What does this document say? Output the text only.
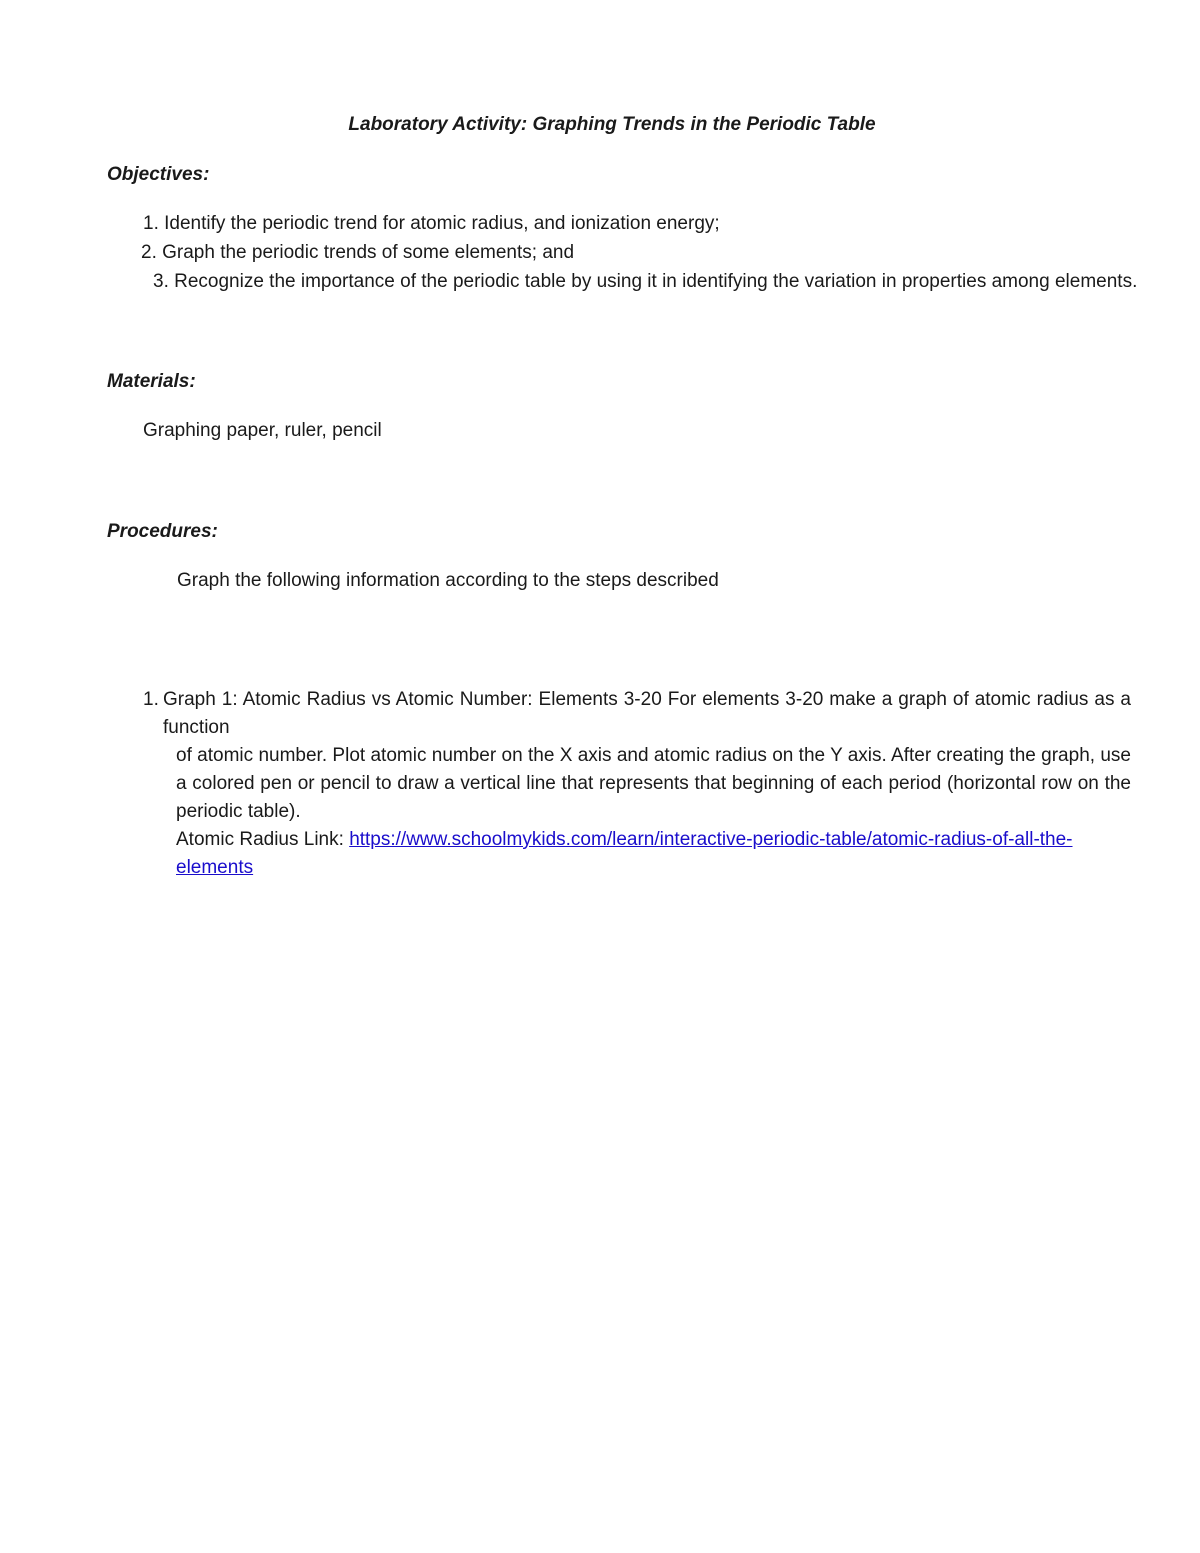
Laboratory Activity: Graphing Trends in the Periodic Table
Objectives:
1. Identify the periodic trend for atomic radius, and ionization energy;
2. Graph the periodic trends of some elements; and
3. Recognize the importance of the periodic table by using it in identifying the variation in properties among elements.
Materials:
Graphing paper, ruler, pencil
Procedures:
Graph the following information according to the steps described
1. Graph 1: Atomic Radius vs Atomic Number: Elements 3-20 For elements 3-20 make a graph of atomic radius as a function
of atomic number. Plot atomic number on the X axis and atomic radius on the Y axis. After creating the graph, use a colored pen or pencil to draw a vertical line that represents that beginning of each period (horizontal row on the periodic table).
Atomic Radius Link: https://www.schoolmykids.com/learn/interactive-periodic-table/atomic-radius-of-all-the-elements
